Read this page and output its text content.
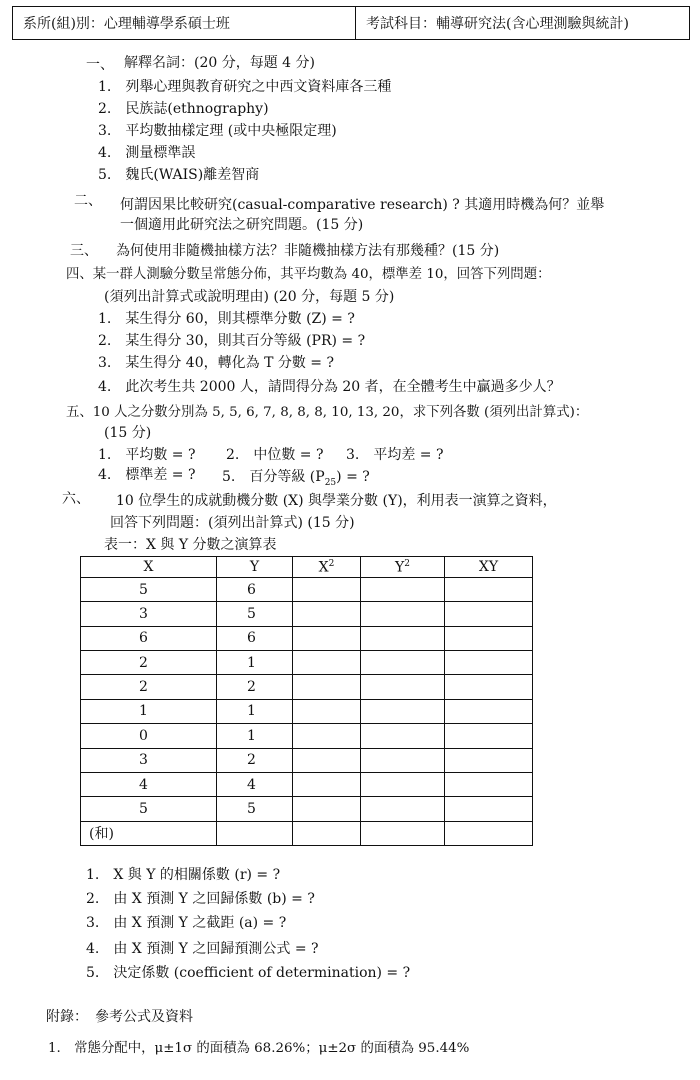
系所(組)別：心理輔導學系碩士班	考試科目：輔導研究法(含心理測驗與統計)
一、 解釋名詞：(20 分，每題 4 分)
1.　列舉心理與教育研究之中西文資料庫各三種
2.　民族誌(ethnography)
3.　平均數抽樣定理 (或中央極限定理)
4.　測量標準誤
5.　魏氏(WAIS)離差智商
二、 何謂因果比較研究(casual-comparative research) ? 其適用時機為何？並舉
一個適用此研究法之研究問題。(15 分)
三、 為何使用非隨機抽樣方法？非隨機抽樣方法有那幾種？(15 分)
四、某一群人測驗分數呈常態分佈，其平均數為 40，標準差 10，回答下列問題：
(須列出計算式或說明理由) (20 分，每題 5 分)
1.　某生得分 60，則其標準分數 (Z) = ?
2.　某生得分 30，則其百分等級 (PR) = ?
3.　某生得分 40，轉化為 T 分數 = ?
4.　此次考生共 2000 人，請問得分為 20 者，在全體考生中贏過多少人？
五、10 人之分數分別為 5, 5, 6, 7, 8, 8, 8, 10, 13, 20，求下列各數 (須列出計算式)：
(15 分)
1.　平均數 = ? 2.　中位數 = ? 3.　平均差 = ?
4.　標準差 = ? 5.　百分等級 $(P_{25})$ = ?
六、 10 位學生的成就動機分數 (X) 與學業分數 (Y)，利用表一演算之資料，
回答下列問題：(須列出計算式) (15 分)
表一：X 與 Y 分數之演算表
X	Y	$X^2$	$Y^2$	XY
5	6			
3	5			
6	6			
2	1			
2	2			
1	1			
0	1			
3	2			
4	4			
5	5			
(和)				
1.　X 與 Y 的相關係數 (r) = ?
2.　由 X 預測 Y 之回歸係數 (b) = ?
3.　由 X 預測 Y 之截距 (a) = ?
4.　由 X 預測 Y 之回歸預測公式 = ?
5.　決定係數 (coefficient of determination) = ?
附錄：　參考公式及資料
1.　常態分配中，μ±1σ 的面積為 68.26%；μ±2σ 的面積為 95.44%
